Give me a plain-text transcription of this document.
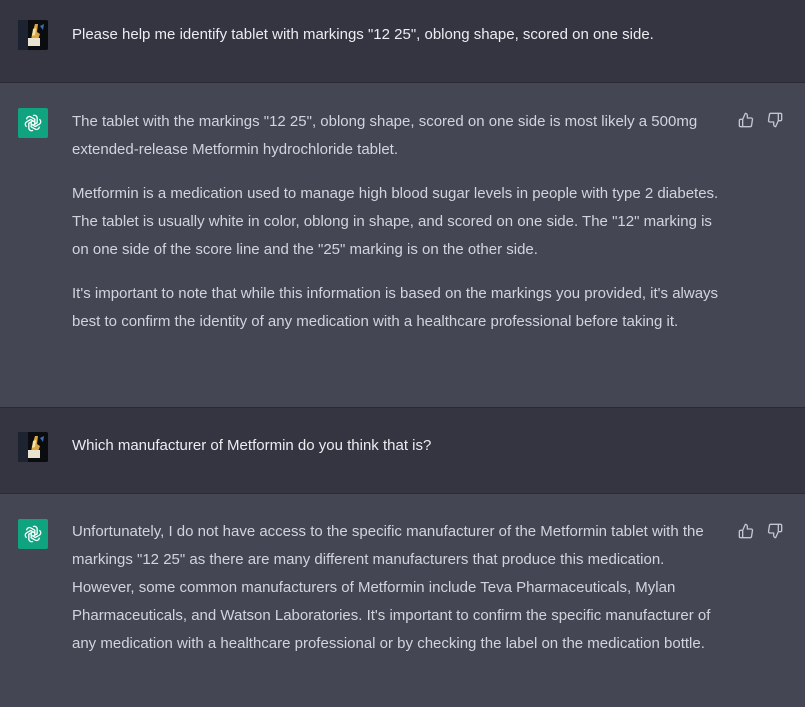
Please help me identify tablet with markings "12 25", oblong shape, scored on one side.

The tablet with the markings "12 25", oblong shape, scored on one side is most likely a 500mg extended-release Metformin hydrochloride tablet.

Metformin is a medication used to manage high blood sugar levels in people with type 2 diabetes. The tablet is usually white in color, oblong in shape, and scored on one side. The "12" marking is on one side of the score line and the "25" marking is on the other side.

It's important to note that while this information is based on the markings you provided, it's always best to confirm the identity of any medication with a healthcare professional before taking it.

Which manufacturer of Metformin do you think that is?

Unfortunately, I do not have access to the specific manufacturer of the Metformin tablet with the markings "12 25" as there are many different manufacturers that produce this medication. However, some common manufacturers of Metformin include Teva Pharmaceuticals, Mylan Pharmaceuticals, and Watson Laboratories. It's important to confirm the specific manufacturer of any medication with a healthcare professional or by checking the label on the medication bottle.
